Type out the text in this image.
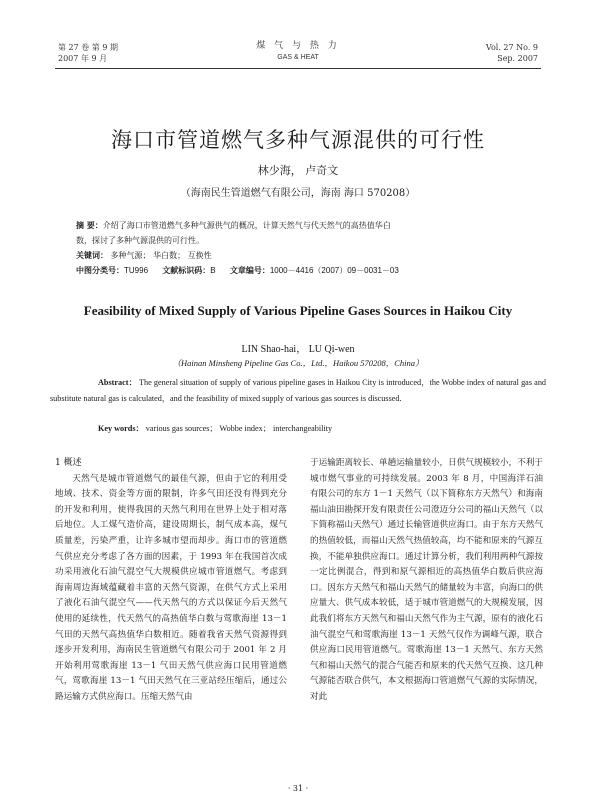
第 27 卷 第 9 期
2007 年 9 月
煤 气 与 热 力
GAS & HEAT
Vol. 27 No. 9
Sep. 2007
海口市管道燃气多种气源混供的可行性
林少海， 卢奇文
（海南民生管道燃气有限公司，海南 海口 570208）
摘 要：介绍了海口市管道燃气多种气源供气的概况，计算天然气与代天然气的高热值华白
数，探讨了多种气源混供的可行性。
关键词： 多种气源； 华白数； 互换性
中图分类号：TU996 文献标识码：B 文章编号：1000－4416（2007）09－0031－03
Feasibility of Mixed Supply of Various Pipeline Gases Sources in Haikou City
LIN Shao-hai， LU Qi-wen
（Hainan Minsheng Pipeline Gas Co.，Ltd.，Haikou 570208，China）
Abstract： The general situation of supply of various pipeline gases in Haikou City is introduced，the Wobbe index of natural gas and substitute natural gas is calculated，and the feasibility of mixed supply of various gas sources is discussed.
Key words： various gas sources； Wobbe index； interchangeability
1 概述
天然气是城市管道燃气的最佳气源，但由于它的利用受地域、技术、资金等方面的限制，许多气田还没有得到充分的开发和利用，使得我国的天然气利用在世界上处于相对落后地位。人工煤气造价高，建设周期长，制气成本高，煤气质量差，污染严重，让许多城市望而却步。海口市的管道燃气供应充分考虑了各方面的因素，于 1993 年在我国首次成功采用液化石油气混空气大规模供应城市管道燃气。考虑到海南周边海域蕴藏着丰富的天然气资源，在供气方式上采用了液化石油气混空气——代天然气的方式以保证今后天然气使用的延续性，代天然气的高热值华白数与莺歌海崖 13－1 气田的天然气高热值华白数相近。随着我省天然气资源得到逐步开发利用，海南民生管道燃气有限公司于 2001 年 2 月开始利用莺歌海崖 13－1 气田天然气供应海口民用管道燃气，莺歌海崖 13－1 气田天然气在三亚站经压缩后，通过公路运输方式供应海口。压缩天然气由
于运输距离较长、单趟运输量较小，日供气规模较小，不利于城市燃气事业的可持续发展。2003 年 8 月，中国海洋石油有限公司的东方 1－1 天然气（以下简称东方天然气）和海南福山油田勘探开发有限责任公司澄迈分公司的福山天然气（以下简称福山天然气）通过长输管道供应海口。由于东方天然气的热值较低，而福山天然气热值较高，均不能和原来的气源互换，不能单独供应海口。通过计算分析，我们利用两种气源按一定比例混合，得到和原气源相近的高热值华白数后供应海口。因东方天然气和福山天然气的储量较为丰富，向海口的供应量大、供气成本较低，适于城市管道燃气的大规模发展，因此我们将东方天然气和福山天然气作为主气源，原有的液化石油气混空气和莺歌海崖 13－1 天然气仅作为调峰气源，联合供应海口民用管道燃气。莺歌海崖 13－1 天然气、东方天然气和福山天然气的混合气能否和原来的代天然气互换、这几种气源能否联合供气，本文根据海口管道燃气气源的实际情况，对此
· 31 ·
